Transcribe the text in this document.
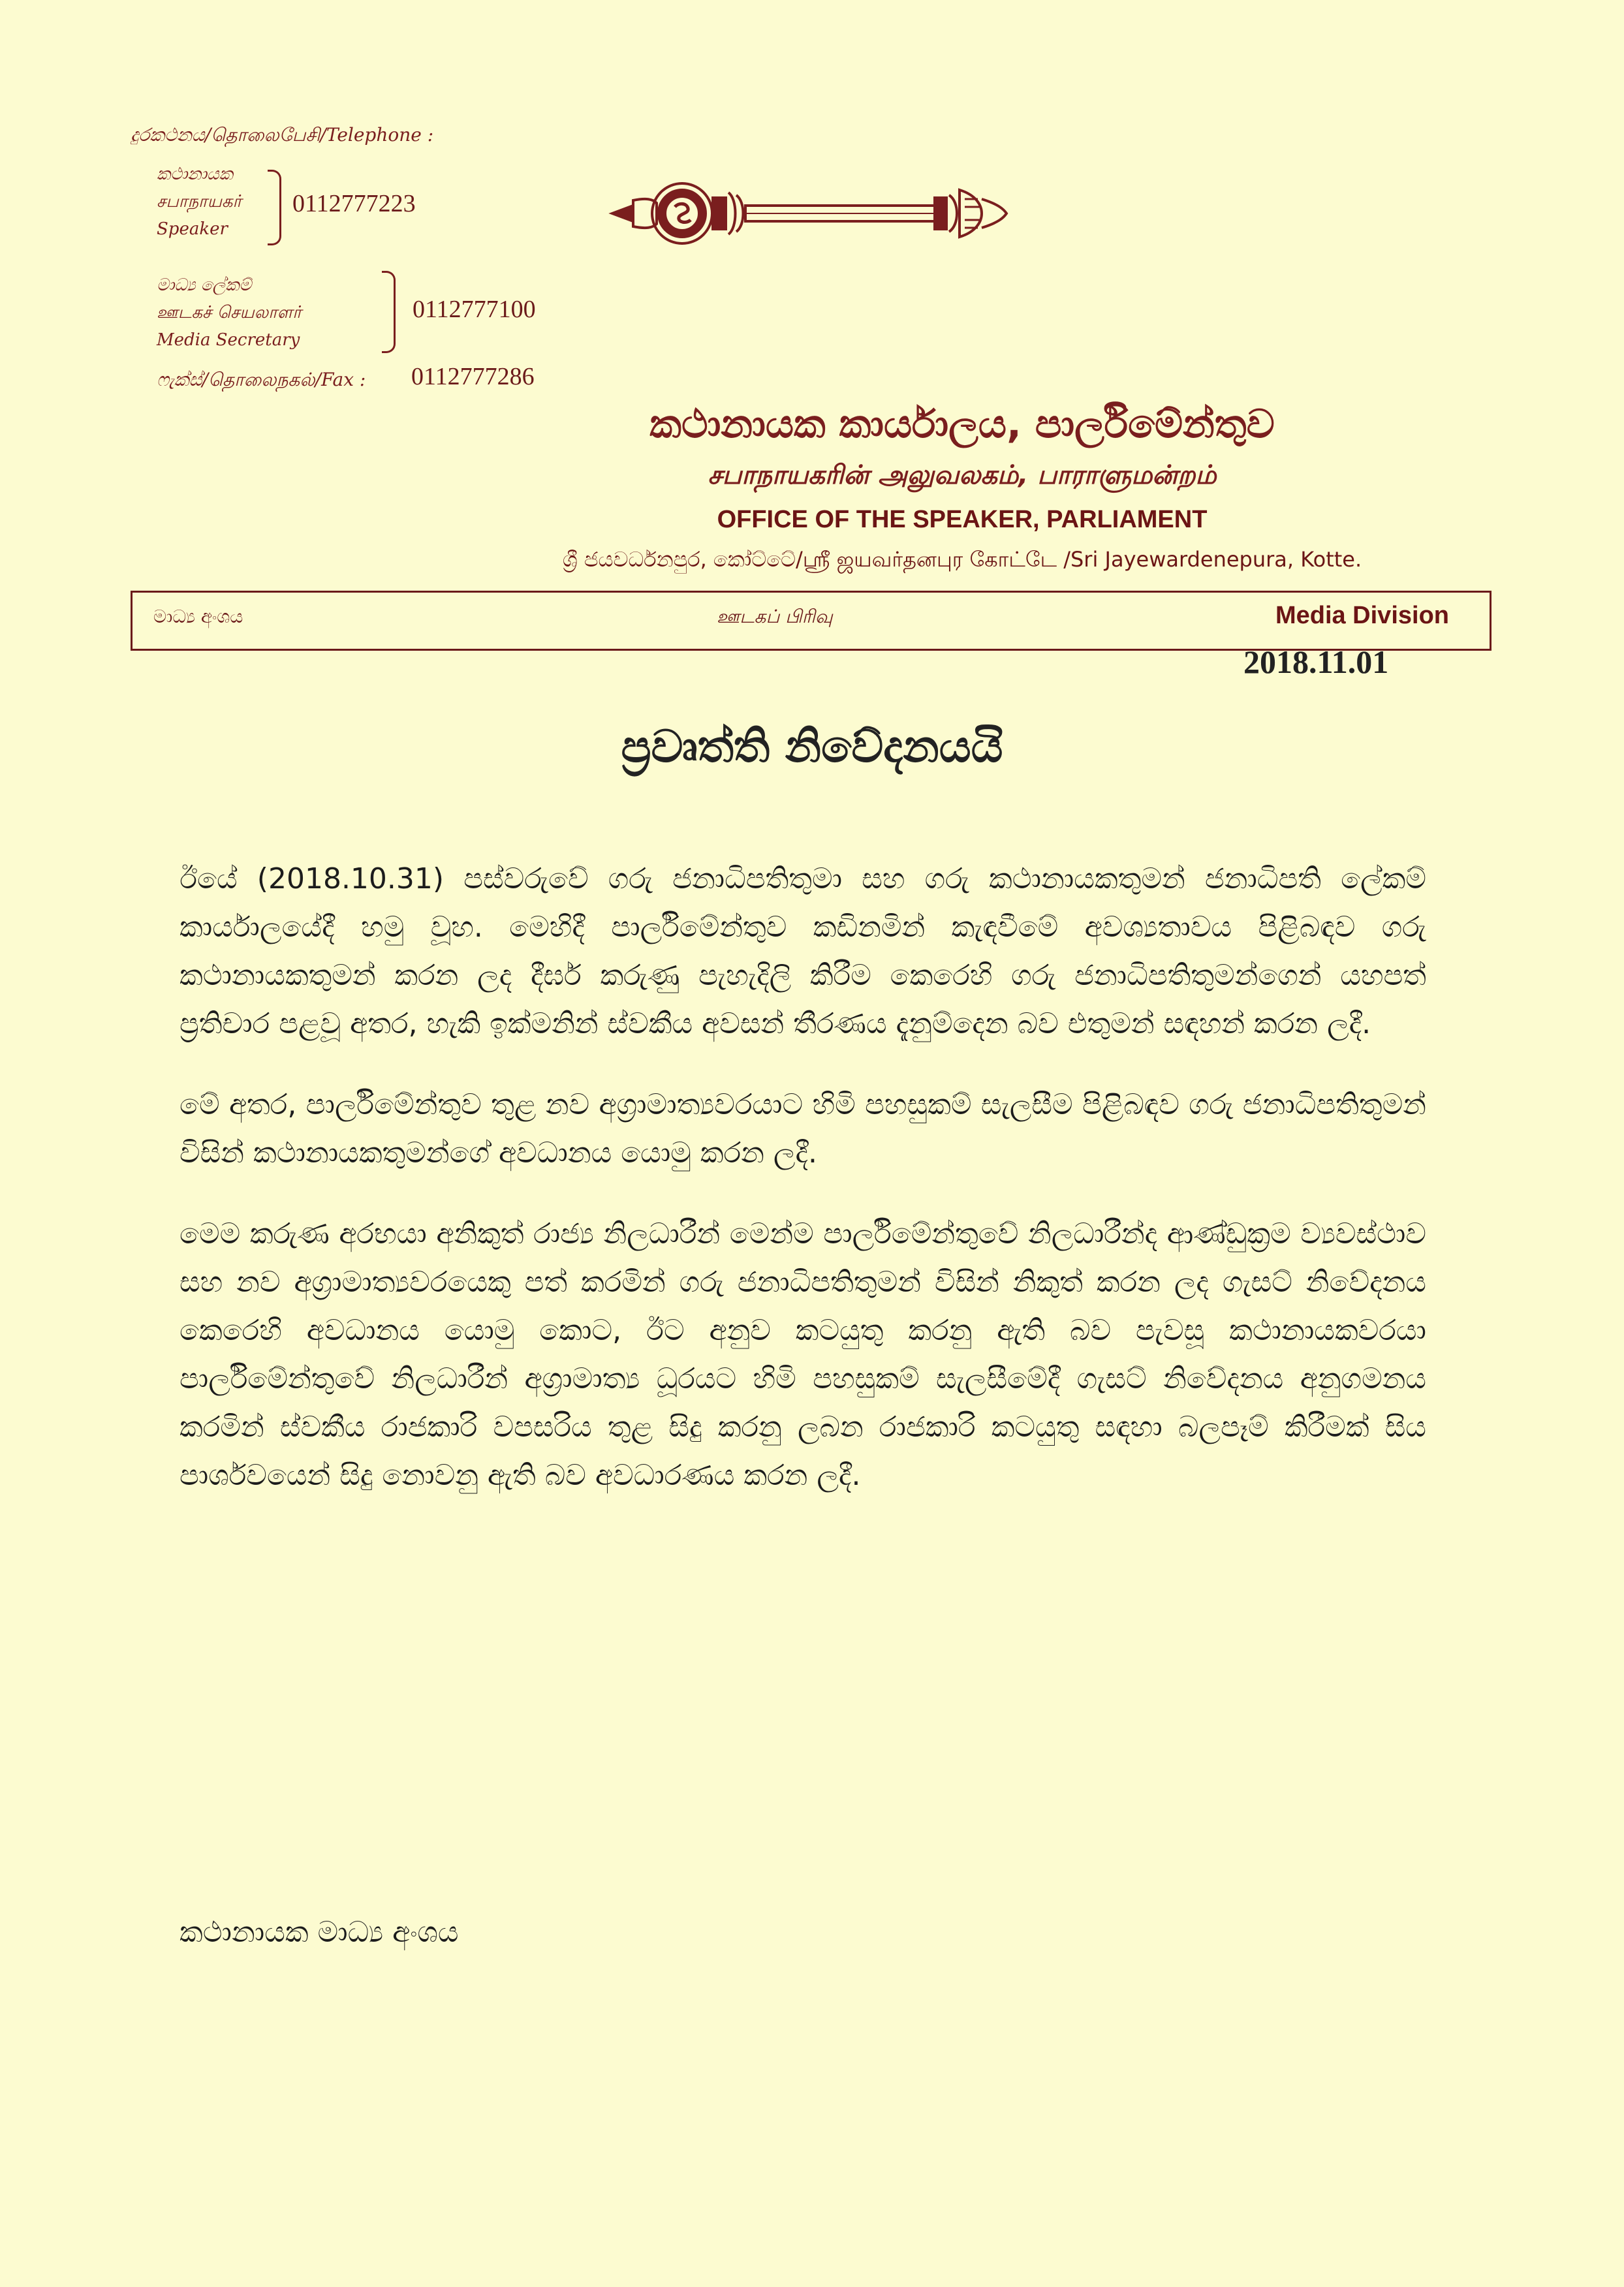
දුරකථනය/தொலைபேசி/Telephone :
කථානායක
சபாநாயகர்
Speaker
0112777223
මාධ්‍ය ලේකම්
ஊடகச் செயலாளர்
Media Secretary
0112777100
ෆැක්ස්/தொலைநகல்/Fax : 0112777286
කථානායක කාර්යාලය, පාර්ලිමේන්තුව
சபாநாயகரின் அலுவலகம், பாராளுமன்றம்
OFFICE OF THE SPEAKER, PARLIAMENT
ශ්‍රී ජයවර්ධනපුර, කෝට්ටේ/ஸ்ரீ ஜயவர்தனபுர கோட்டே /Sri Jayewardenepura, Kotte.
මාධ්‍ය අංශය	ஊடகப் பிரிவு	Media Division
2018.11.01
ප්‍රවෘත්ති නිවේදනයයි

ඊයේ (2018.10.31) පස්වරුවේ ගරු ජනාධිපතිතුමා සහ ගරු කථානායකතුමන් ජනාධිපති ලේකම් කාර්යාලයේදී හමු වූහ. මෙහිදී පාර්ලිමේන්තුව කඩිනමින් කැඳවීමේ අවශ්‍යතාවය පිළිබඳව ගරු කථානායකතුමන් කරන ලද දීර්ඝ කරුණු පැහැදිලි කිරීම කෙරෙහි ගරු ජනාධිපතිතුමන්ගෙන් යහපත් ප්‍රතිචාර පළවූ අතර, හැකි ඉක්මනින් ස්වකීය අවසන් තීරණය දැනුම්දෙන බව එතුමන් සඳහන් කරන ලදී.

මේ අතර, පාර්ලිමේන්තුව තුළ නව අග්‍රාමාත්‍යවරයාට හිමි පහසුකම් සැලසීම පිළිබඳව ගරු ජනාධිපතිතුමන් විසින් කථානායකතුමන්ගේ අවධානය යොමු කරන ලදී.

මෙම කරුණ අරභයා අනිකුත් රාජ්‍ය නිලධාරීන් මෙන්ම පාර්ලිමේන්තුවේ නිලධාරීන්ද ආණ්ඩුක්‍රම ව්‍යවස්ථාව සහ නව අග්‍රාමාත්‍යවරයෙකු පත් කරමින් ගරු ජනාධිපතිතුමන් විසින් නිකුත් කරන ලද ගැසට් නිවේදනය කෙරෙහි අවධානය යොමු කොට, ඊට අනුව කටයුතු කරනු ඇති බව පැවසූ කථානායකවරයා පාර්ලිමේන්තුවේ නිලධාරීන් අග්‍රාමාත්‍ය ධූරයට හිමි පහසුකම් සැලසීමේදී ගැසට් නිවේදනය අනුගමනය කරමින් ස්වකීය රාජකාරි වපසරිය තුළ සිදු කරනු ලබන රාජකාරි කටයුතු සඳහා බලපෑම් කිරීමක් සිය පාර්ශවයෙන් සිදු නොවනු ඇති බව අවධාරණය කරන ලදී.

කථානායක මාධ්‍ය අංශය
